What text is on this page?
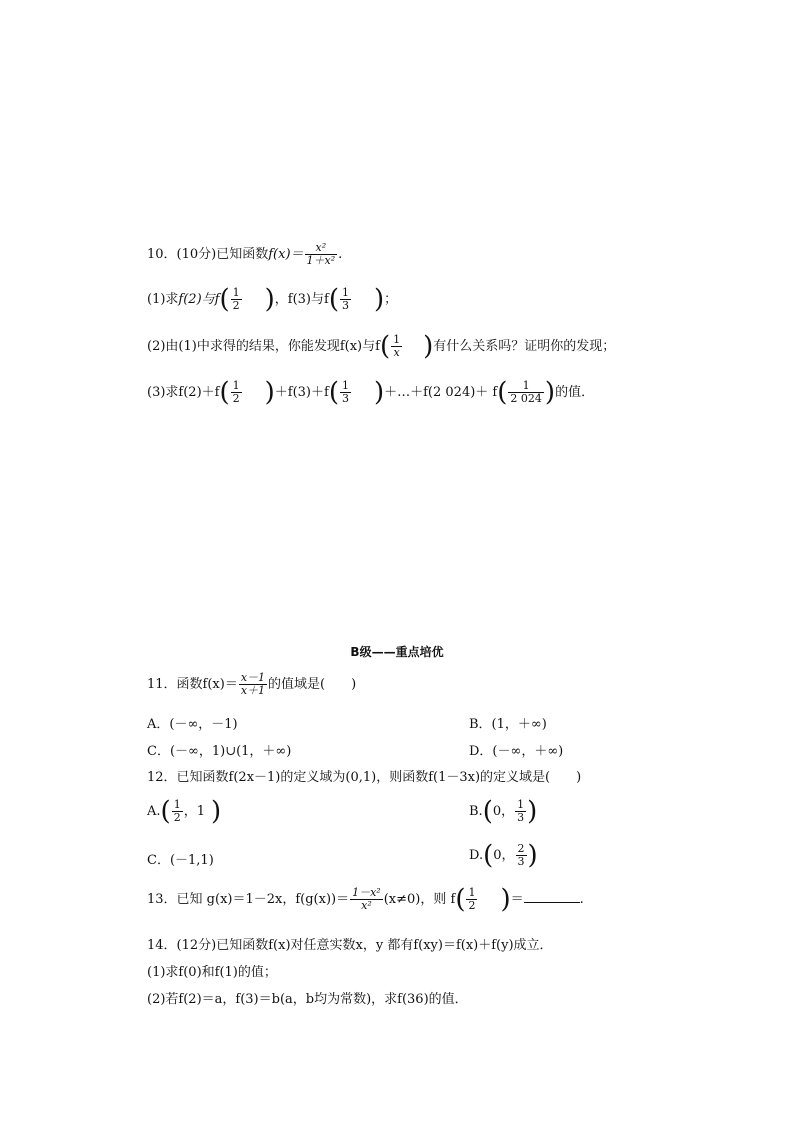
10．(10分)已知函数$f(x)= \frac{\text{x²}}{\text{1＋x²}}$ .
(1)求f(2)与$f( \frac{1}{2}$ )，f(3)与$f( \frac{1}{3}$ )；
(2)由(1)中求得的结果，你能发现f(x)与$f( \frac{1}{x}$ )有什么关系吗？证明你的发现；
(3)求$f(2)+f( \frac{1}{2} )+f(3)+f( \frac{1}{3}$ )＋…＋f(2 $024)+ f( \frac{1}{2 024}$ )的值．
B级——重点培优
11．函数$f(x)= \frac{x-1}{x+1}$ 的值域是(　　)
A．(－∞，－1)	B．(1，＋∞)
C．(－∞，1)∪(1，＋∞)	D．(－∞，＋∞)
12．已知函数f(2x－1)的定义域为(0,1)，则函数f(1－3x)的定义域是(　　)
$A.( \frac{1}{2}$ ，1 )	B.(0， $\frac{1}{3}$ )
C．(－1,1)	D.(0， $\frac{2}{3}$ )
13．已知 g(x)＝1－2x，$f(g(x))= \frac{\text{1－x²}}{\text{x²}} (x\ne 0)$，则 $f( \frac{1}{2}$ )＝	.
14．(12分)已知函数f(x)对任意实数x，y 都有f(xy)＝f(x)＋f(y)成立．
(1)求f(0)和f(1)的值；
(2)若f(2)＝a，f(3)＝b(a，b均为常数)，求f(36)的值．
